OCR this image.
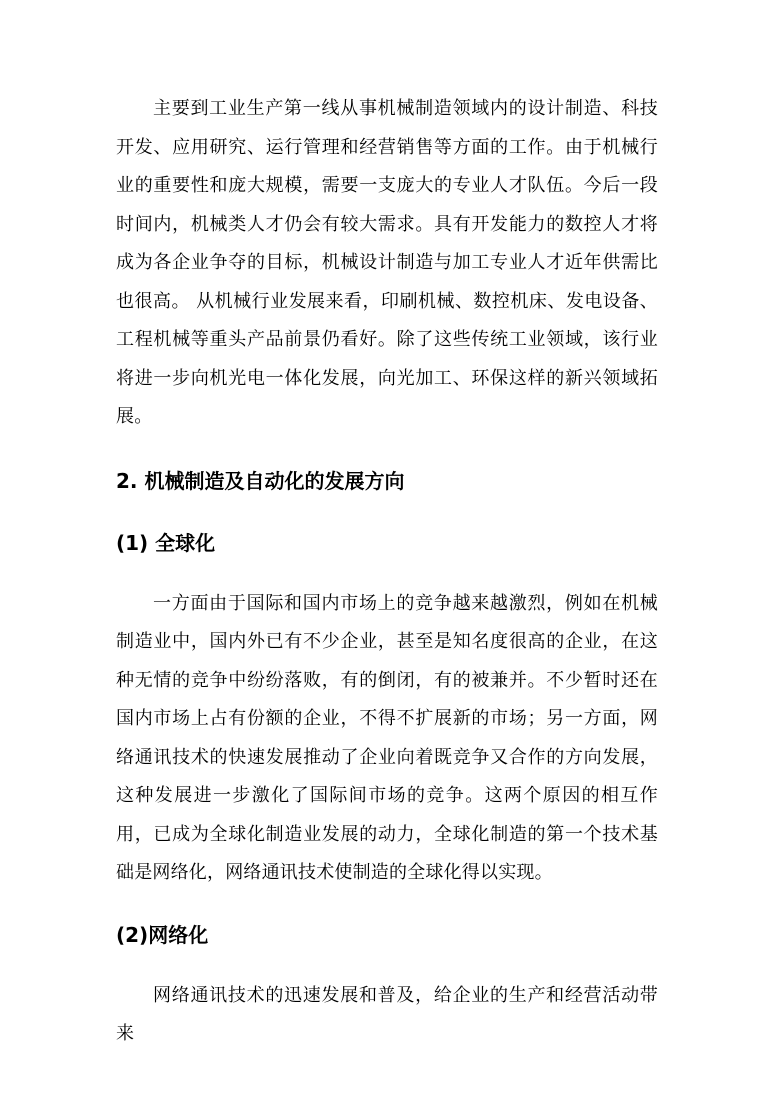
主要到工业生产第一线从事机械制造领域内的设计制造、科技开发、应用研究、运行管理和经营销售等方面的工作。由于机械行业的重要性和庞大规模，需要一支庞大的专业人才队伍。今后一段时间内，机械类人才仍会有较大需求。具有开发能力的数控人才将成为各企业争夺的目标，机械设计制造与加工专业人才近年供需比也很高。 从机械行业发展来看，印刷机械、数控机床、发电设备、工程机械等重头产品前景仍看好。除了这些传统工业领域，该行业将进一步向机光电一体化发展，向光加工、环保这样的新兴领域拓展。

2. 机械制造及自动化的发展方向
(1) 全球化

一方面由于国际和国内市场上的竞争越来越激烈，例如在机械制造业中，国内外已有不少企业，甚至是知名度很高的企业，在这种无情的竞争中纷纷落败，有的倒闭，有的被兼并。不少暂时还在国内市场上占有份额的企业，不得不扩展新的市场；另一方面，网络通讯技术的快速发展推动了企业向着既竞争又合作的方向发展，这种发展进一步激化了国际间市场的竞争。这两个原因的相互作用，已成为全球化制造业发展的动力，全球化制造的第一个技术基础是网络化，网络通讯技术使制造的全球化得以实现。

(2)网络化

网络通讯技术的迅速发展和普及，给企业的生产和经营活动带来
